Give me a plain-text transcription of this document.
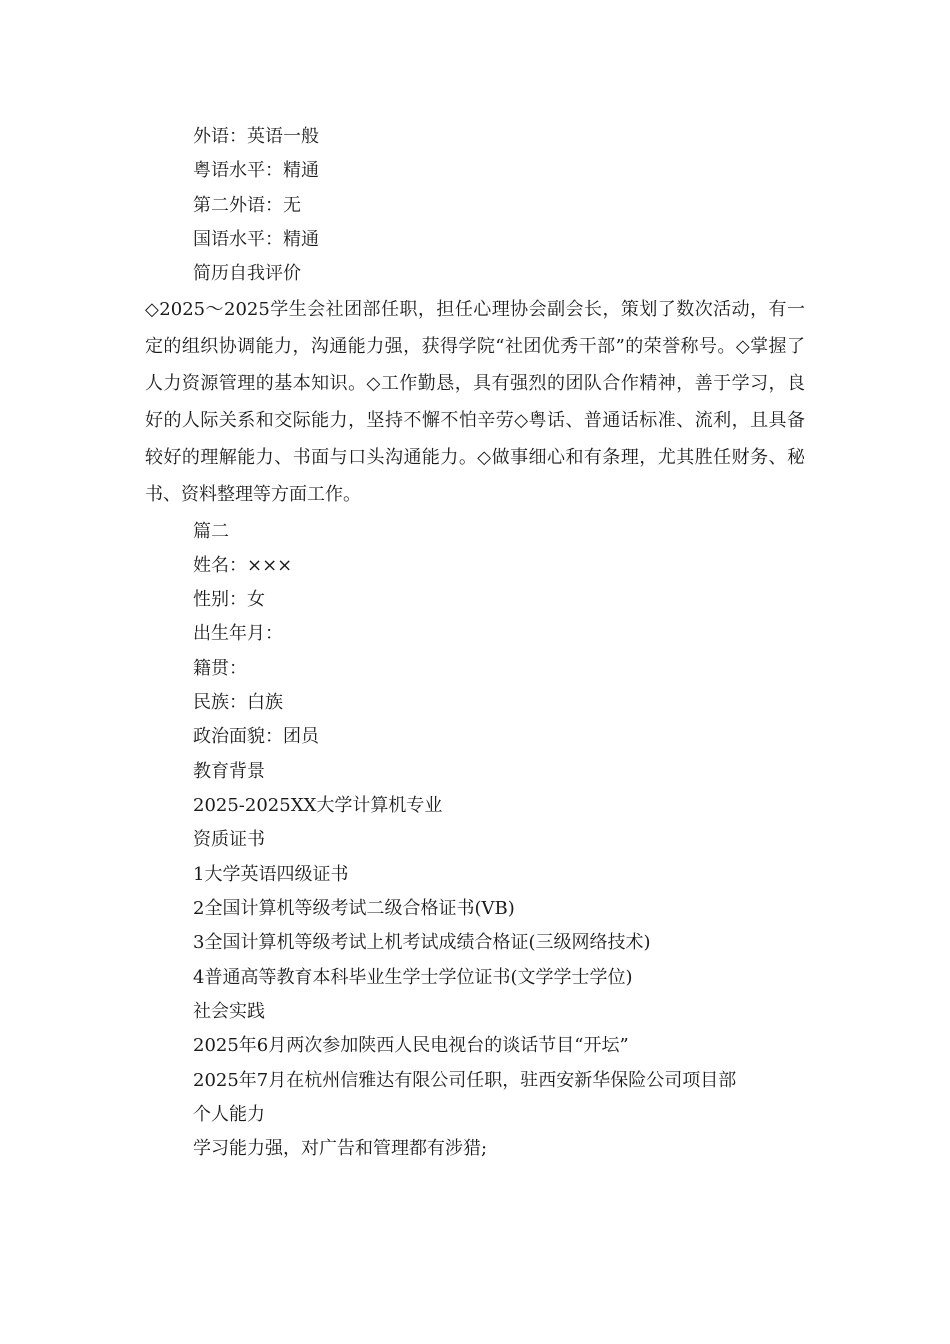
外语：英语一般
粤语水平：精通
第二外语：无
国语水平：精通
简历自我评价
◇2025～2025学生会社团部任职，担任心理协会副会长，策划了数次活动，有一定的组织协调能力，沟通能力强，获得学院“社团优秀干部”的荣誉称号。◇掌握了人力资源管理的基本知识。◇工作勤恳，具有强烈的团队合作精神，善于学习，良好的人际关系和交际能力，坚持不懈不怕辛劳◇粤话、普通话标准、流利，且具备较好的理解能力、书面与口头沟通能力。◇做事细心和有条理，尤其胜任财务、秘书、资料整理等方面工作。
篇二
姓名：×××
性别：女
出生年月：
籍贯：
民族：白族
政治面貌：团员
教育背景
2025-2025XX大学计算机专业
资质证书
1大学英语四级证书
2全国计算机等级考试二级合格证书(VB)
3全国计算机等级考试上机考试成绩合格证(三级网络技术)
4普通高等教育本科毕业生学士学位证书(文学学士学位)
社会实践
2025年6月两次参加陕西人民电视台的谈话节目“开坛”
2025年7月在杭州信雅达有限公司任职，驻西安新华保险公司项目部
个人能力
学习能力强，对广告和管理都有涉猎;
